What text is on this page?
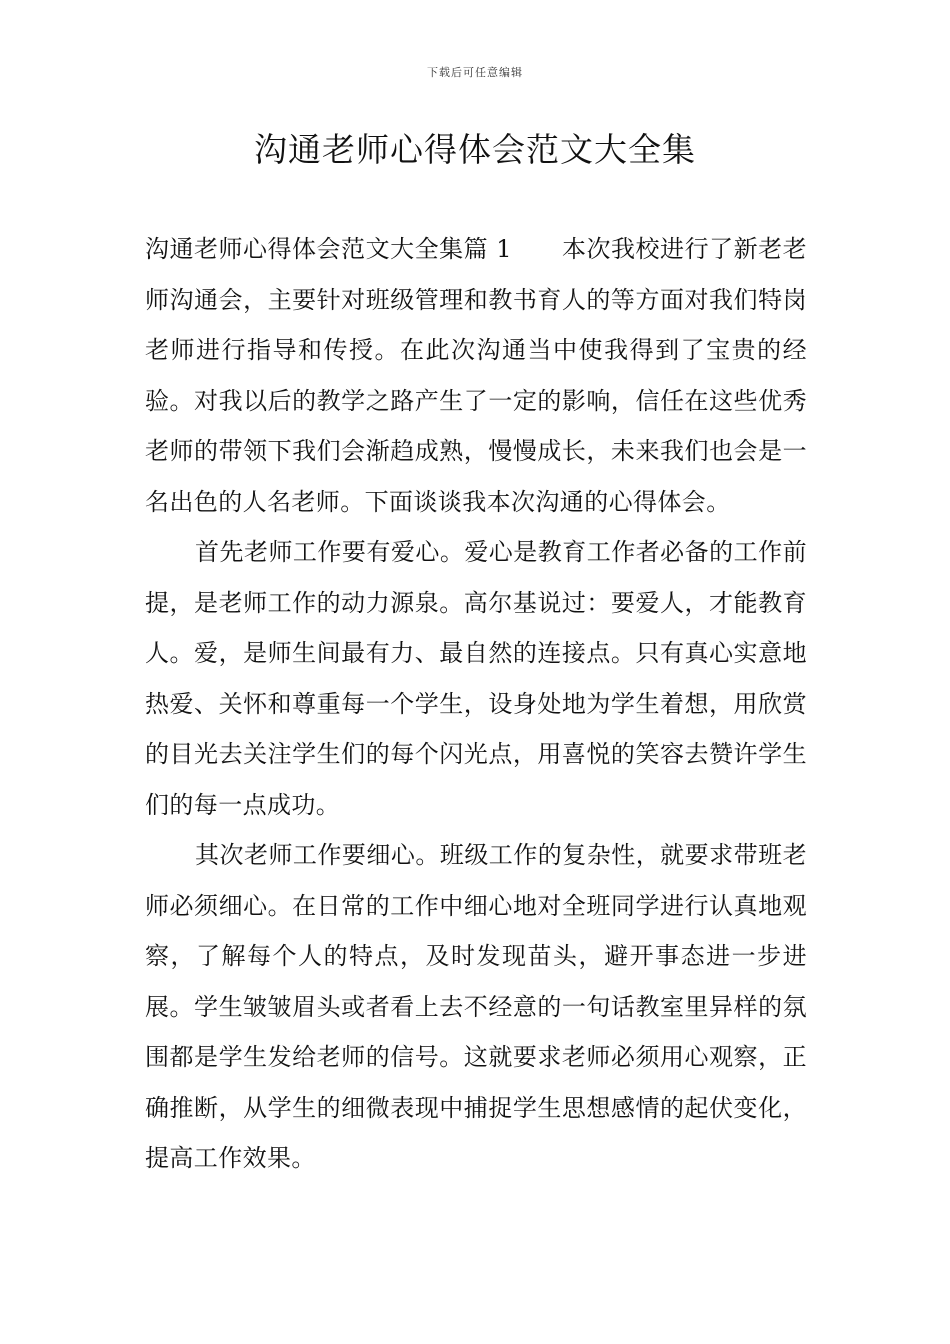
下载后可任意编辑
沟通老师心得体会范文大全集

沟通老师心得体会范文大全集篇 1 本次我校进行了新老老师沟通会，主要针对班级管理和教书育人的等方面对我们特岗老师进行指导和传授。在此次沟通当中使我得到了宝贵的经验。对我以后的教学之路产生了一定的影响，信任在这些优秀老师的带领下我们会渐趋成熟，慢慢成长，未来我们也会是一名出色的人名老师。下面谈谈我本次沟通的心得体会。

首先老师工作要有爱心。爱心是教育工作者必备的工作前提，是老师工作的动力源泉。高尔基说过：要爱人，才能教育人。爱，是师生间最有力、最自然的连接点。只有真心实意地热爱、关怀和尊重每一个学生，设身处地为学生着想，用欣赏的目光去关注学生们的每个闪光点，用喜悦的笑容去赞许学生们的每一点成功。

其次老师工作要细心。班级工作的复杂性，就要求带班老师必须细心。在日常的工作中细心地对全班同学进行认真地观察，了解每个人的特点，及时发现苗头，避开事态进一步进展。学生皱皱眉头或者看上去不经意的一句话教室里异样的氛围都是学生发给老师的信号。这就要求老师必须用心观察，正确推断，从学生的细微表现中捕捉学生思想感情的起伏变化，提高工作效果。
